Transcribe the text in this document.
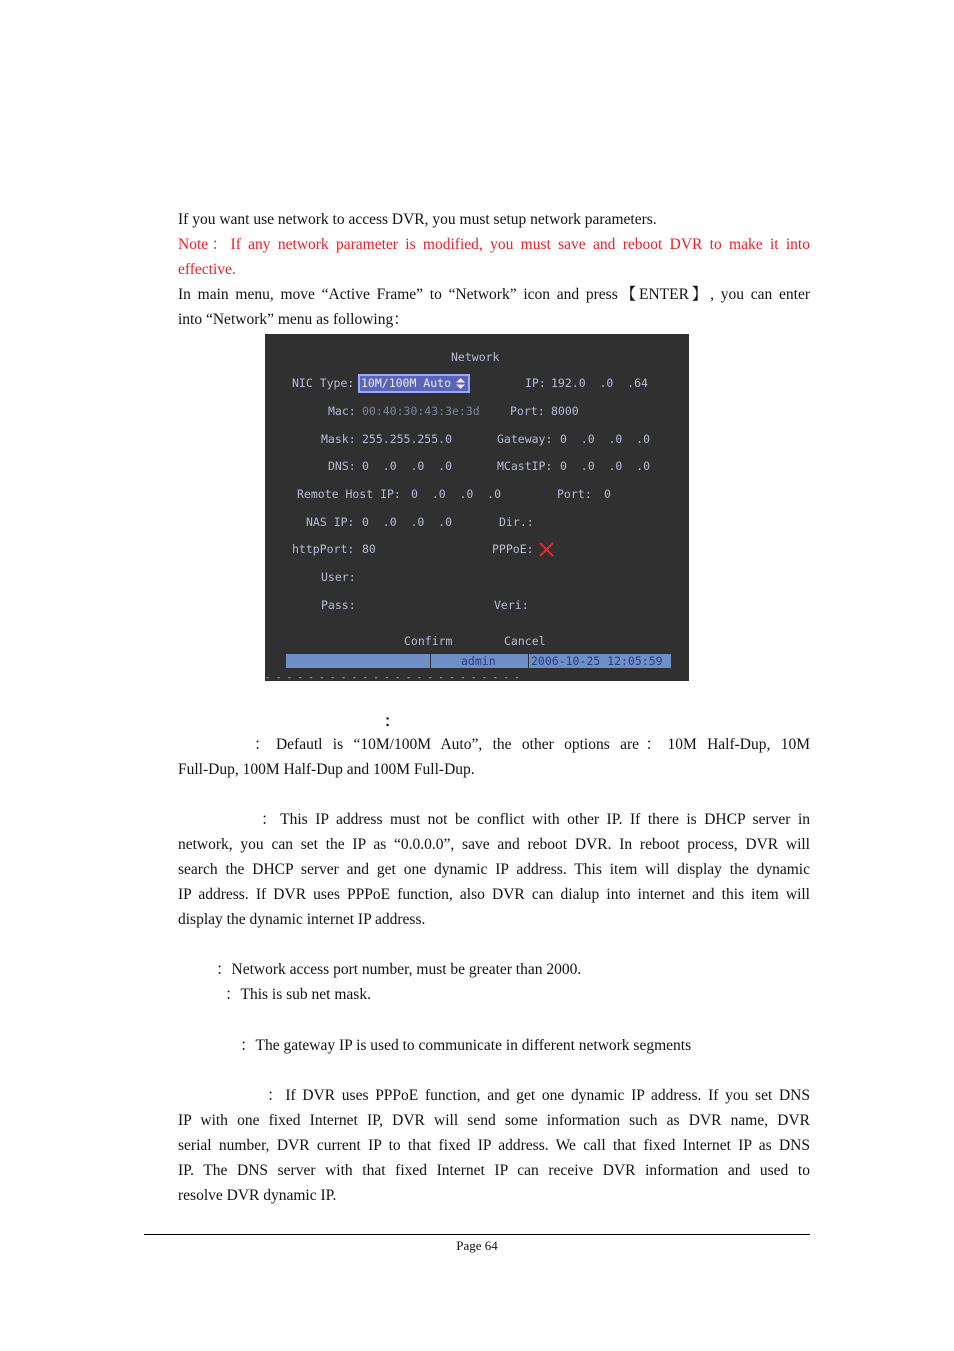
If you want use network to access DVR, you must setup network parameters.

Note：If any network parameter is modified, you must save and reboot DVR to make it into

effective.

In main menu, move “Active Frame” to “Network” icon and press【ENTER】, you can enter

into “Network” menu as following：

Network
NIC Type: 10M/100M Auto	IP: 192.0  .0  .64
Mac: 00:40:30:43:3e:3d	Port: 8000
Mask: 255.255.255.0	Gateway: 0  .0  .0  .0
DNS: 0  .0  .0  .0	MCastIP: 0  .0  .0  .0
Remote Host IP: 0  .0  .0  .0	Port: 0
NAS IP: 0  .0  .0  .0	Dir.:
httpPort: 80	PPPoE:
User:
Pass:	Veri:
Confirm	Cancel
admin	2006-10-25 12:05:59
- - - - - - - - - - - - - - - - - - - - - - - -
：

：Defautl is “10M/100M Auto”, the other options are：10M Half-Dup, 10M

Full-Dup, 100M Half-Dup and 100M Full-Dup.

：This IP address must not be conflict with other IP. If there is DHCP server in

network, you can set the IP as “0.0.0.0”, save and reboot DVR. In reboot process, DVR will

search the DHCP server and get one dynamic IP address. This item will display the dynamic

IP address. If DVR uses PPPoE function, also DVR can dialup into internet and this item will

display the dynamic internet IP address.

：Network access port number, must be greater than 2000.

：This is sub net mask.

：The gateway IP is used to communicate in different network segments

：If DVR uses PPPoE function, and get one dynamic IP address. If you set DNS

IP with one fixed Internet IP, DVR will send some information such as DVR name, DVR

serial number, DVR current IP to that fixed IP address. We call that fixed Internet IP as DNS

IP. The DNS server with that fixed Internet IP can receive DVR information and used to

resolve DVR dynamic IP.

Page 64
